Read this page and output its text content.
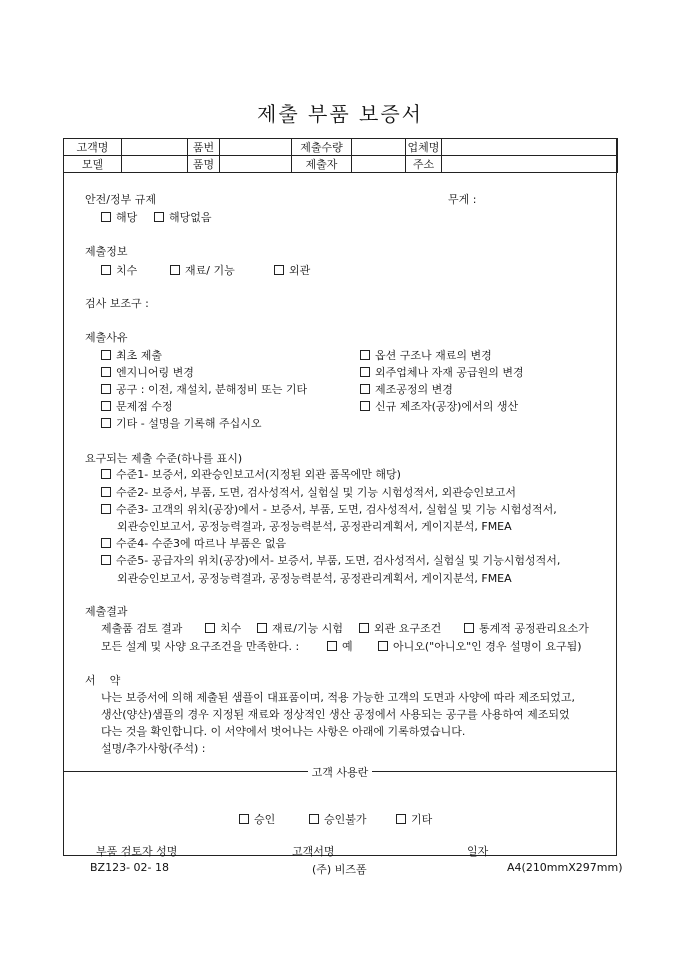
제출 부품 보증서
고객명		품번		제출수량		업체명	
모델		품명		제출자		주소	
안전/정부 규제	무게 :
해당	해당없음
제출정보
치수	재료/ 기능	외관
검사 보조구 :
제출사유
최초 제출
엔지니어링 변경
공구 : 이전, 재설치, 분해정비 또는 기타
문제점 수정
기타 - 설명을 기록해 주십시오
옵션 구조나 재료의 변경
외주업체나 자재 공급원의 변경
제조공정의 변경
신규 제조자(공장)에서의 생산
요구되는 제출 수준(하나를 표시)
수준1- 보증서, 외관승인보고서(지정된 외관 품목에만 해당)
수준2- 보증서, 부품, 도면, 검사성적서, 실험실 및 기능 시험성적서, 외관승인보고서
수준3- 고객의 위치(공장)에서 - 보증서, 부품, 도면, 검사성적서, 실험실 및 기능 시험성적서,
외관승인보고서, 공정능력결과, 공정능력분석, 공정관리계획서, 게이지분석, FMEA
수준4- 수준3에 따르나 부품은 없음
수준5- 공급자의 위치(공장)에서- 보증서, 부품, 도면, 검사성적서, 실험실 및 기능시험성적서,
외관승인보고서, 공정능력결과, 공정능력분석, 공정관리계획서, 게이지분석, FMEA
제출결과
제출품 검토 결과	치수	재료/기능 시험	외관 요구조건	통계적 공정관리요소가
모든 설계 및 사양 요구조건을 만족한다. :	예	아니오("아니오"인 경우 설명이 요구됨)
서    약
나는 보증서에 의해 제출된 샘플이 대표품이며, 적용 가능한 고객의 도면과 사양에 따라 제조되었고,
생산(양산)샘플의 경우 지정된 재료와 정상적인 생산 공정에서 사용되는 공구를 사용하여 제조되었
다는 것을 확인합니다. 이 서약에서 벗어나는 사항은 아래에 기록하였습니다.
설명/추가사항(주석) :
고객 사용란
승인	승인불가	기타
부품 검토자 성명	고객서명	일자
BZ123- 02- 18	(주) 비즈폼	A4(210mmX297mm)
